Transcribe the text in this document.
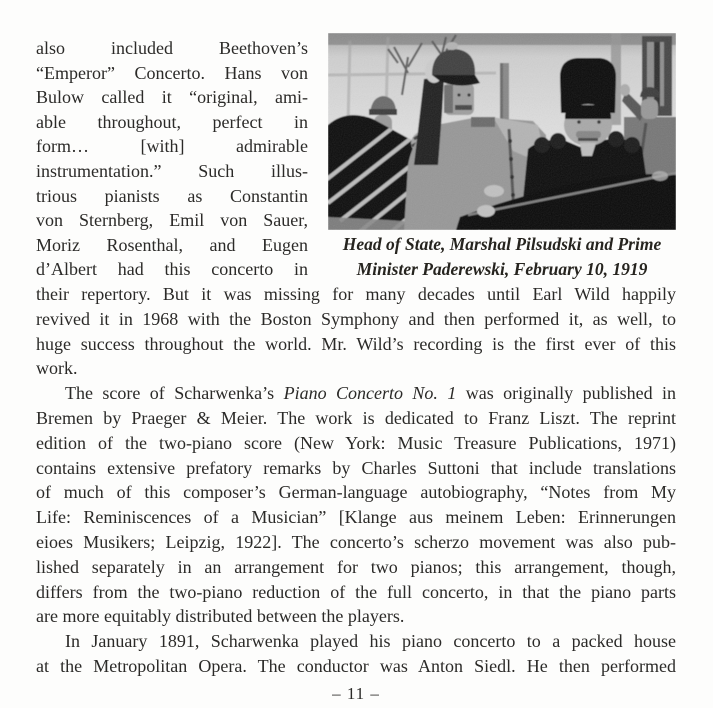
also included Beethoven’s
“Emperor” Concerto. Hans von
Bulow called it “original, ami-
able throughout, perfect in
form… [with] admirable
instrumentation.” Such illus-
trious pianists as Constantin
von Sternberg, Emil von Sauer,
Moriz Rosenthal, and Eugen
d’Albert had this concerto in
Head of State, Marshal Pilsudski and Prime
Minister Paderewski, February 10, 1919
their repertory. But it was missing for many decades until Earl Wild happily
revived it in 1968 with the Boston Symphony and then performed it, as well, to
huge success throughout the world. Mr. Wild’s recording is the first ever of this
work.
The score of Scharwenka’s Piano Concerto No. 1 was originally published in
Bremen by Praeger & Meier. The work is dedicated to Franz Liszt. The reprint
edition of the two-piano score (New York: Music Treasure Publications, 1971)
contains extensive prefatory remarks by Charles Suttoni that include translations
of much of this composer’s German-language autobiography, “Notes from My
Life: Reminiscences of a Musician” [Klange aus meinem Leben: Erinnerungen
eioes Musikers; Leipzig, 1922]. The concerto’s scherzo movement was also pub-
lished separately in an arrangement for two pianos; this arrangement, though,
differs from the two-piano reduction of the full concerto, in that the piano parts
are more equitably distributed between the players.
In January 1891, Scharwenka played his piano concerto to a packed house
at the Metropolitan Opera. The conductor was Anton Siedl. He then performed
– 11 –
